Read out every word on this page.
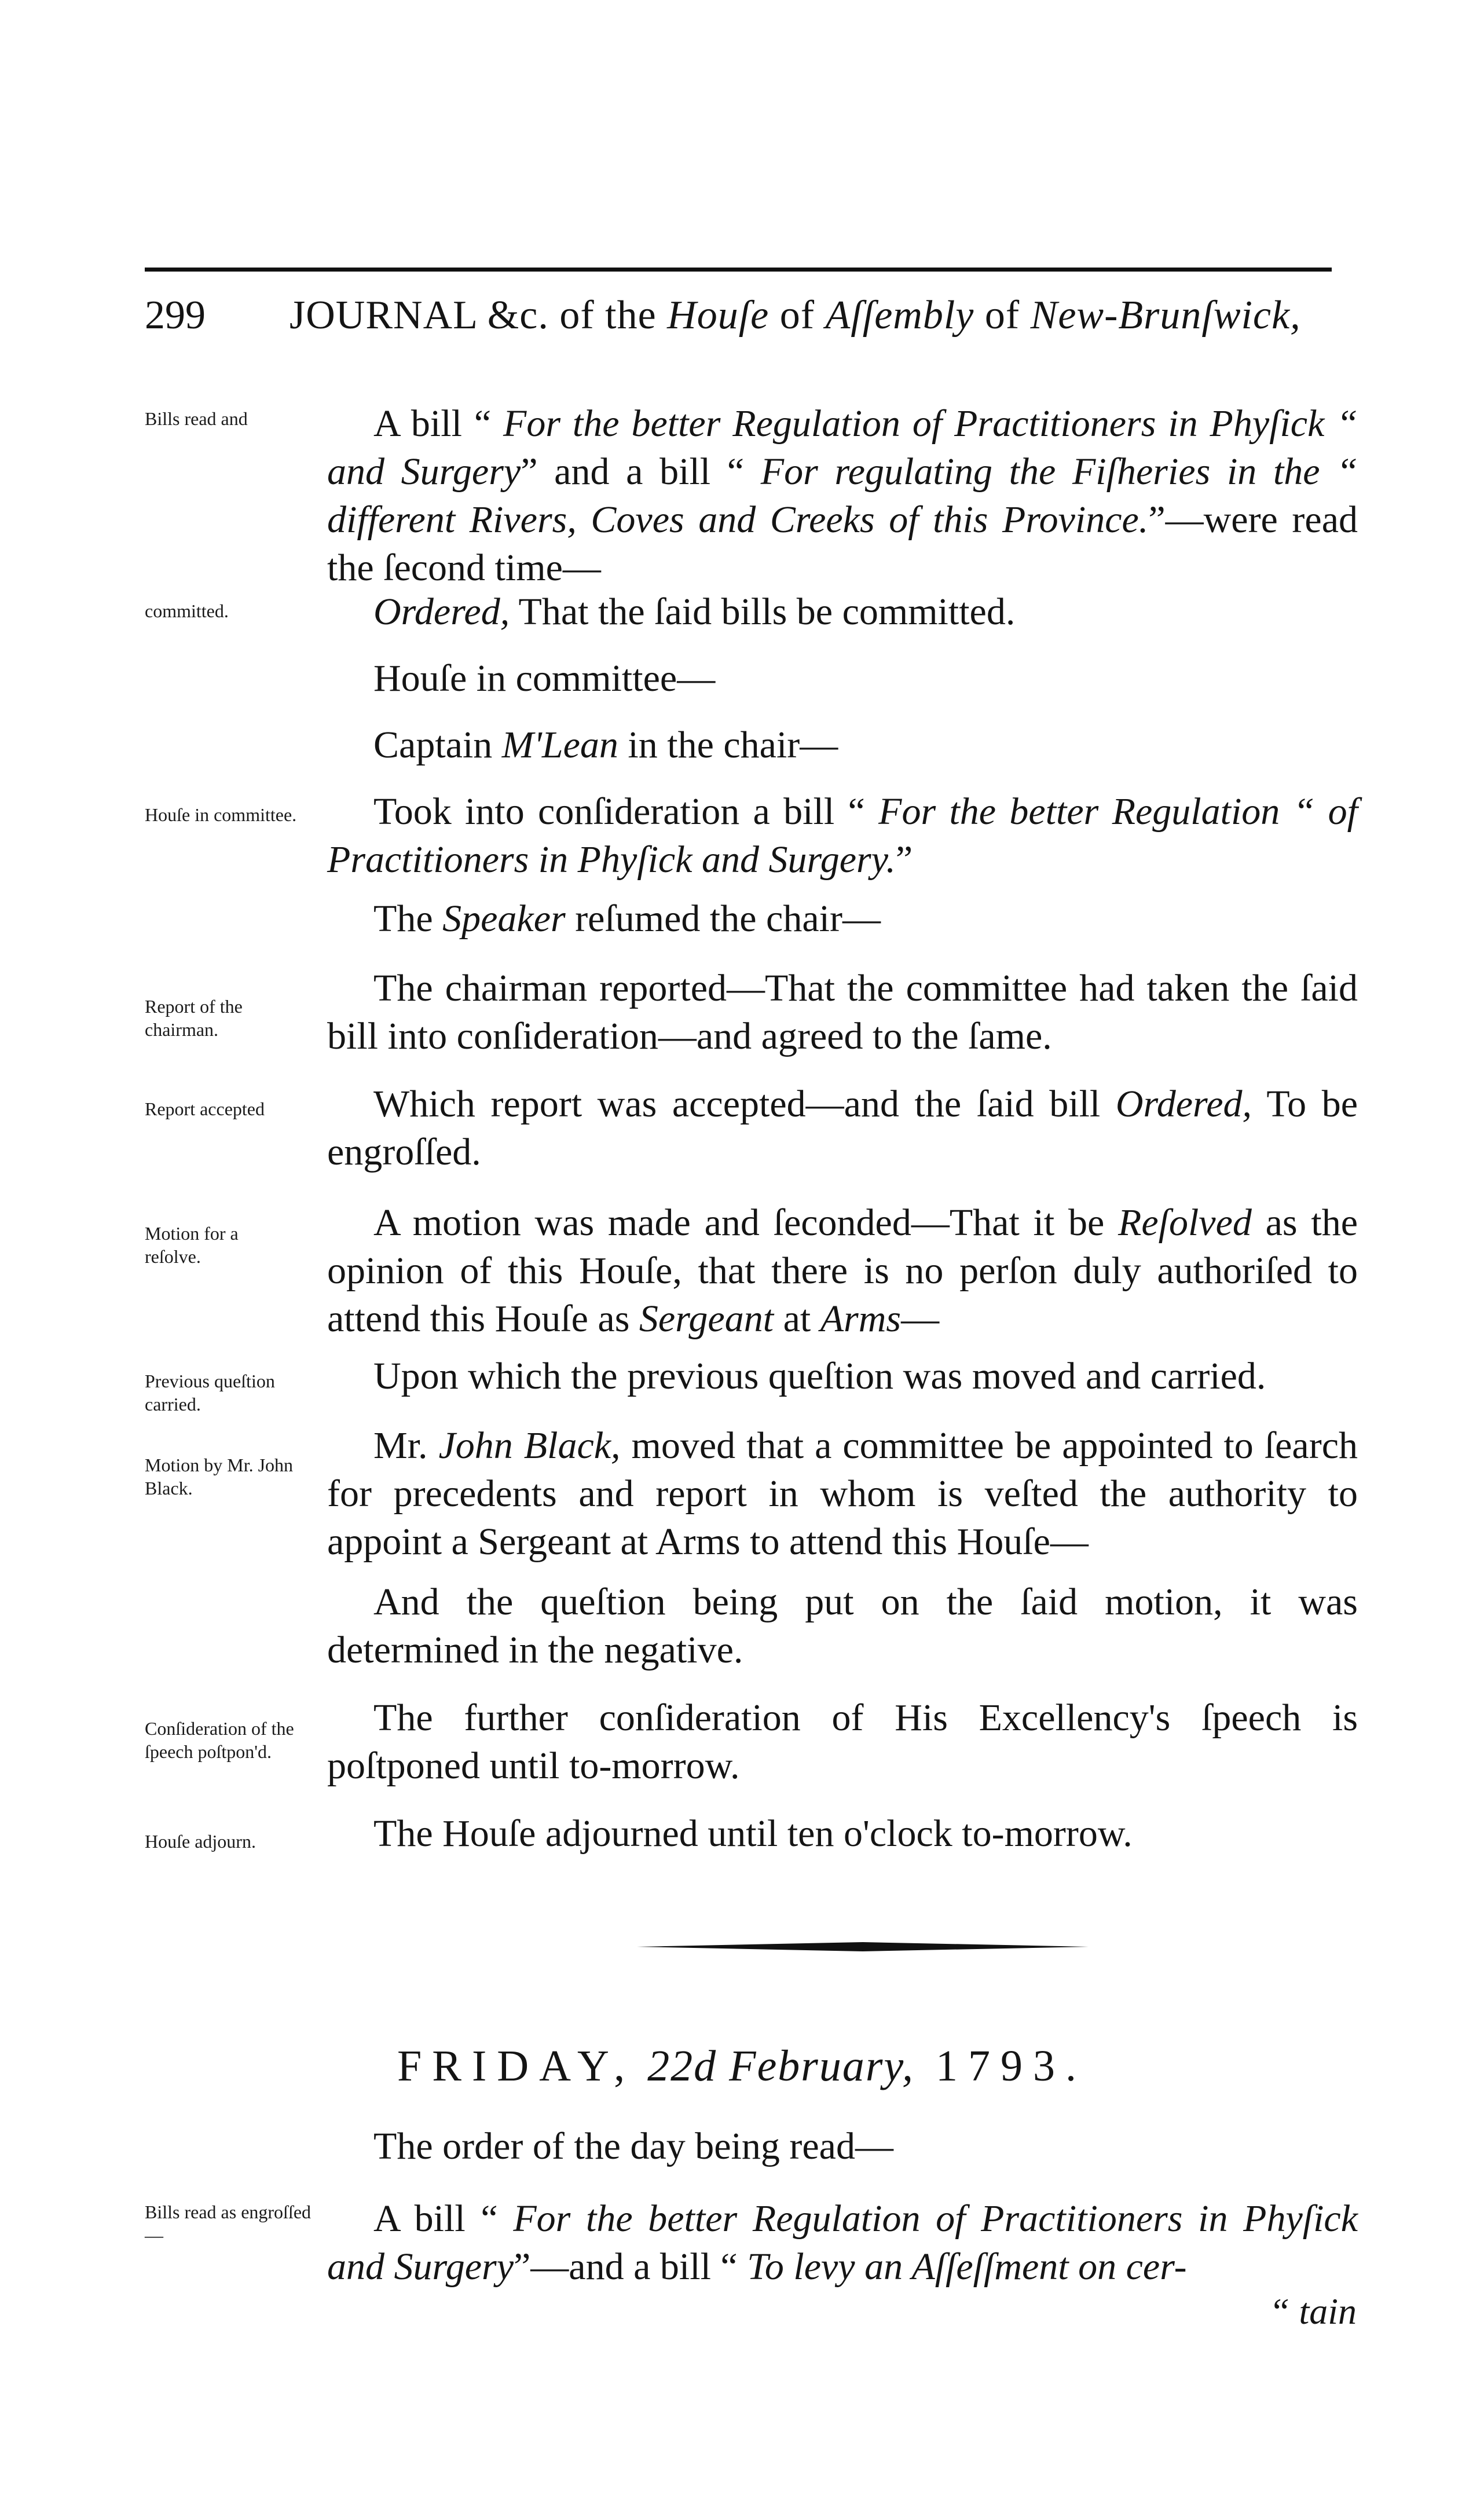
299 JOURNAL &c. of the Houſe of Aſſembly of New-Brunſwick,
Bills read and
committed.
Houſe in committee.
Report of the chairman.
Report accepted
Motion for a reſolve.
Previous queſtion carried.
Motion by Mr. John Black.
Conſideration of the ſpeech poſtpon'd.
Houſe adjourn.
Bills read as engroſſed—

A bill “ For the better Regulation of Practitioners in Phyſick “ and Surgery” and a bill “ For regulating the Fiſheries in the “ different Rivers, Coves and Creeks of this Province.”—were read the ſecond time—

Ordered, That the ſaid bills be committed.

Houſe in committee—

Captain M'Lean in the chair—

Took into conſideration a bill “ For the better Regulation “ of Practitioners in Phyſick and Surgery.”

The Speaker reſumed the chair—

The chairman reported—That the committee had taken the ſaid bill into conſideration—and agreed to the ſame.

Which report was accepted—and the ſaid bill Ordered, To be engroſſed.

A motion was made and ſeconded—That it be Reſolved as the opinion of this Houſe, that there is no perſon duly authoriſed to attend this Houſe as Sergeant at Arms—

Upon which the previous queſtion was moved and carried.

Mr. John Black, moved that a committee be appointed to ſearch for precedents and report in whom is veſted the authority to appoint a Sergeant at Arms to attend this Houſe—

And the queſtion being put on the ſaid motion, it was determined in the negative.

The further conſideration of His Excellency's ſpeech is poſtponed until to-morrow.

The Houſe adjourned until ten o'clock to-morrow.

FRIDAY, 22d February, 1793.

The order of the day being read—

A bill “ For the better Regulation of Practitioners in Phyſick and Surgery”—and a bill “ To levy an Aſſeſſment on cer-

“ tain
